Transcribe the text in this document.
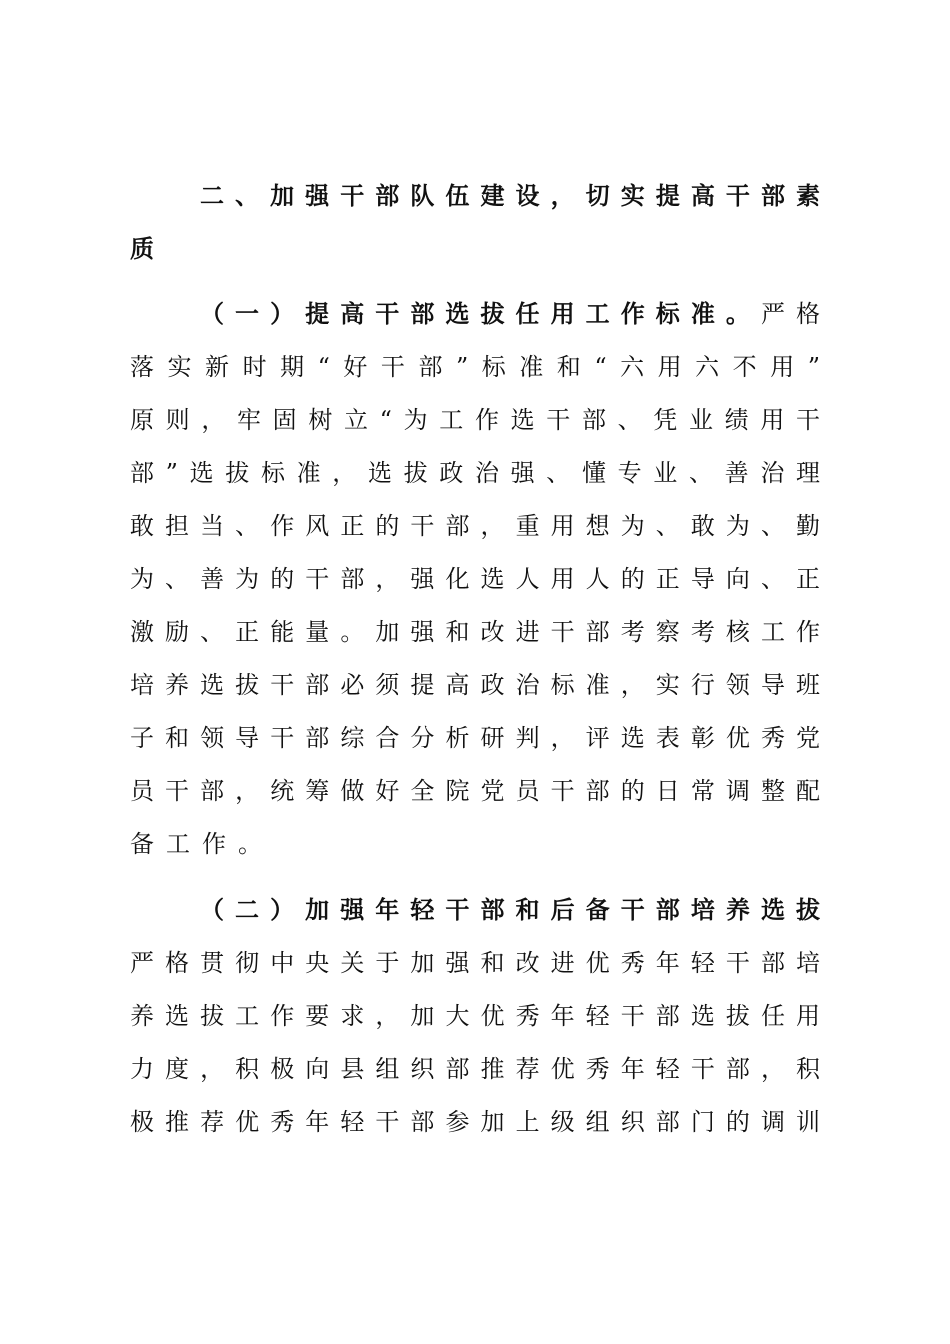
二、加强干部队伍建设，切实提高干部素
质
（一）提高干部选拔任用工作标准。严格
落实新时期“好干部”标准和“六用六不用”
原则，牢固树立“为工作选干部、凭业绩用干
部”选拔标准，选拔政治强、懂专业、善治理
敢担当、作风正的干部，重用想为、敢为、勤
为、善为的干部，强化选人用人的正导向、正
激励、正能量。加强和改进干部考察考核工作
培养选拔干部必须提高政治标准，实行领导班
子和领导干部综合分析研判，评选表彰优秀党
员干部，统筹做好全院党员干部的日常调整配
备工作。
（二）加强年轻干部和后备干部培养选拔
严格贯彻中央关于加强和改进优秀年轻干部培
养选拔工作要求，加大优秀年轻干部选拔任用
力度，积极向县组织部推荐优秀年轻干部，积
极推荐优秀年轻干部参加上级组织部门的调训
